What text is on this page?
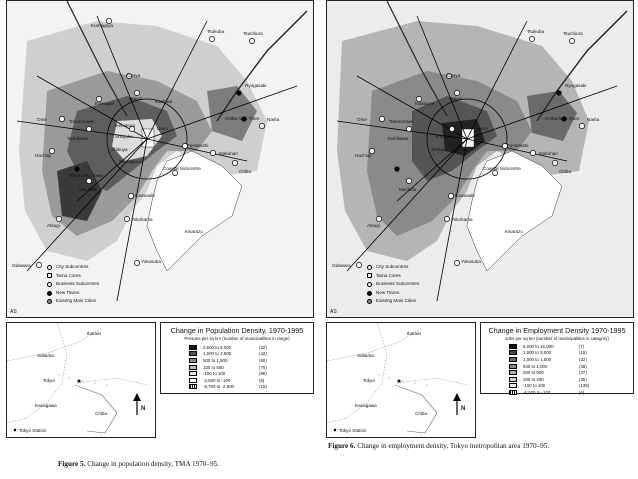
Kumagaya
Tsukuba	Tsuchiura
Omiya
Urawa
Ryugasaki
Kawagoe
Chiba New Town
Ome	Tokorozawa	Narita
Hachioji
Tama New Town
Tachikawa	Shinjuku
Ikebukuro
Ueno
Shibuya
Shinagawa
Makuhari
Funabashi
Coastal Subcentre
Chiba
Machida
Kawasaki
Atsugi
Yokohama
Kisarazu
Odawara
Yokosuka
Kashiwa
City Subcentres
Tama Cores
Business Subcentres
New Towns
Existing Main Cities
AS
Ibaraki
Saitama
Tokyo
Kanagawa
Chiba
Tokyo Station
N
Change in Population Density, 1970-1995
Persons per sq km (number of municipalities in range)
2,500 to 6,000	(32)
1,500 to 2,500	(42)
500 to 1,500	(60)
100 to 500	(75)
-100 to 100	(96)
-2,500 to -100	(6)
-8,700 to -2,500	(15)
Figure 5. Change in population density, TMA 1970–95.
Tsukuba	Tsuchiura
Omiya
Urawa
Ryugasaki
Kawagoe
Ome	Tokorozawa
Chiba New Town Narita
Hachioji
Tachikawa	Shinjuku
Ueno
Shibuya
Funabashi
Makuhari
Chiba
Coastal Subcentre
Machida
Kawasaki
Atsugi
Yokohama
Kisarazu
Odawara
Yokosuka
City Subcentres
Tama Cores
Business Subcentres
New Towns
Existing Main Cities
AS
Ibaraki
Saitama
Tokyo
Kanagawa
Chiba
Tokyo Station
N
Change in Employment Density 1970-1995
Jobs per sq km (number of municipalities in category)
5,000 to 15,000	(7)
1,500 to 5,000	(15)
1,000 to 1,500	(32)
500 to 1,000	(49)
200 to 500	(47)
100 to 200	(35)
-100 to 100	(135)
-5,000 to -100	(6)
Figure 6. Change in employment density, Tokyo metropolitan area 1970–95.
